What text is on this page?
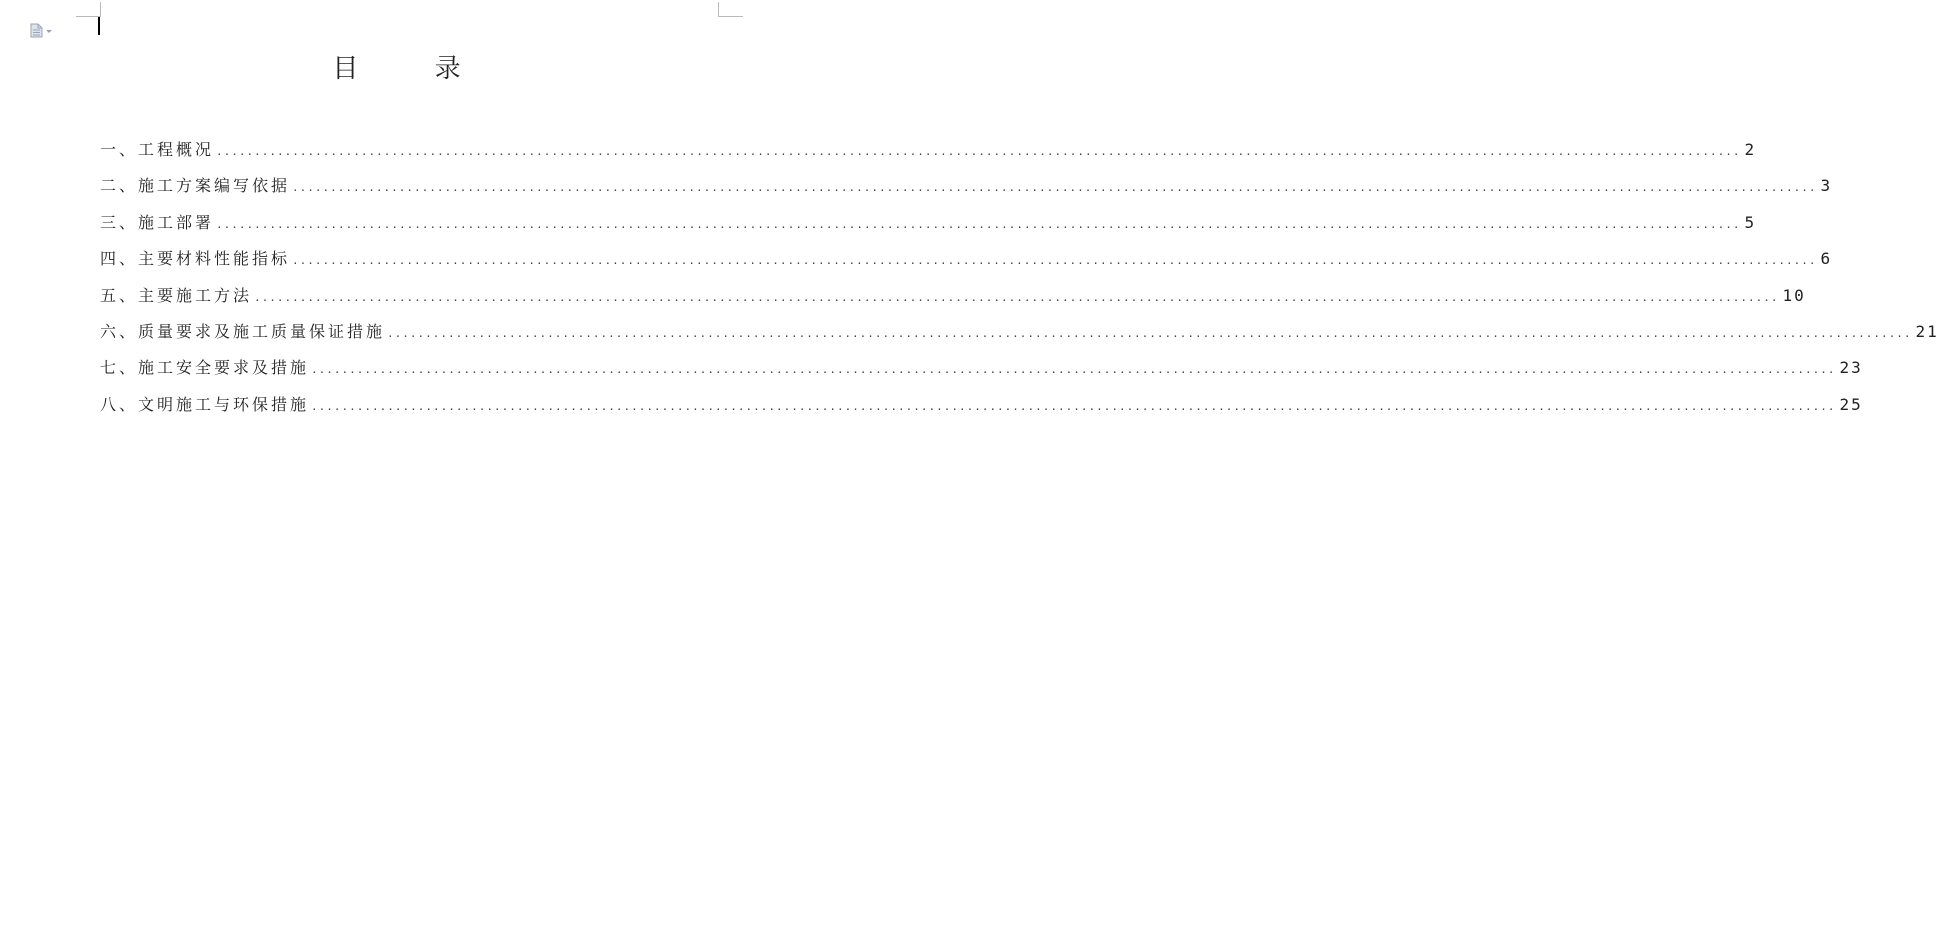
目 录
一、 工程概况 ........................................................................................................................................................................................................ 2
二、 施工方案编写依据 ........................................................................................................................................................................................................ 3
三、 施工部署 ........................................................................................................................................................................................................ 5
四、 主要材料性能指标 ........................................................................................................................................................................................................ 6
五、 主要施工方法 ........................................................................................................................................................................................................ 10
六、 质量要求及施工质量保证措施 ........................................................................................................................................................................................................ 21
七、 施工安全要求及措施 ........................................................................................................................................................................................................ 23
八、 文明施工与环保措施 ........................................................................................................................................................................................................ 25
